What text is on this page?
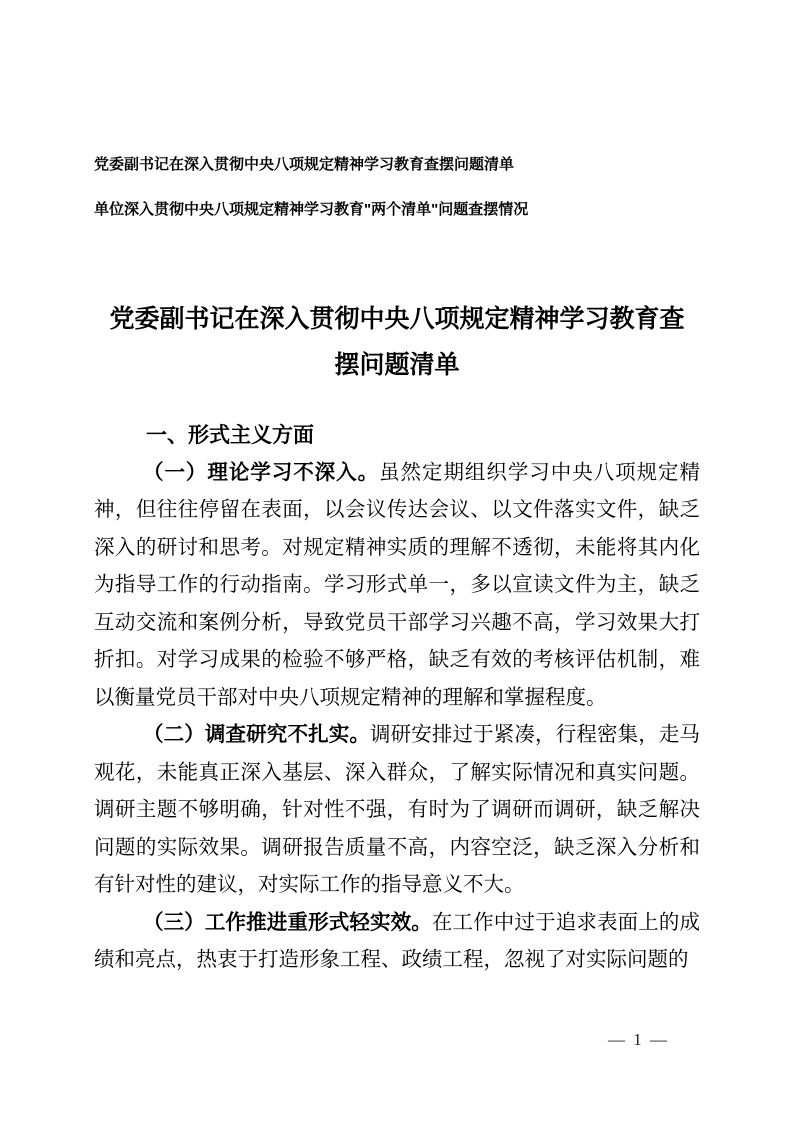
党委副书记在深入贯彻中央八项规定精神学习教育查摆问题清单

单位深入贯彻中央八项规定精神学习教育"两个清单"问题查摆情况

党委副书记在深入贯彻中央八项规定精神学习教育查摆问题清单
一、形式主义方面

（一）理论学习不深入。虽然定期组织学习中央八项规定精神，但往往停留在表面，以会议传达会议、以文件落实文件，缺乏深入的研讨和思考。对规定精神实质的理解不透彻，未能将其内化为指导工作的行动指南。学习形式单一，多以宣读文件为主，缺乏互动交流和案例分析，导致党员干部学习兴趣不高，学习效果大打折扣。对学习成果的检验不够严格，缺乏有效的考核评估机制，难以衡量党员干部对中央八项规定精神的理解和掌握程度。

（二）调查研究不扎实。调研安排过于紧凑，行程密集，走马观花，未能真正深入基层、深入群众，了解实际情况和真实问题。调研主题不够明确，针对性不强，有时为了调研而调研，缺乏解决问题的实际效果。调研报告质量不高，内容空泛，缺乏深入分析和有针对性的建议，对实际工作的指导意义不大。

（三）工作推进重形式轻实效。在工作中过于追求表面上的成绩和亮点，热衷于打造形象工程、政绩工程，忽视了对实际问题的

— 1 —
